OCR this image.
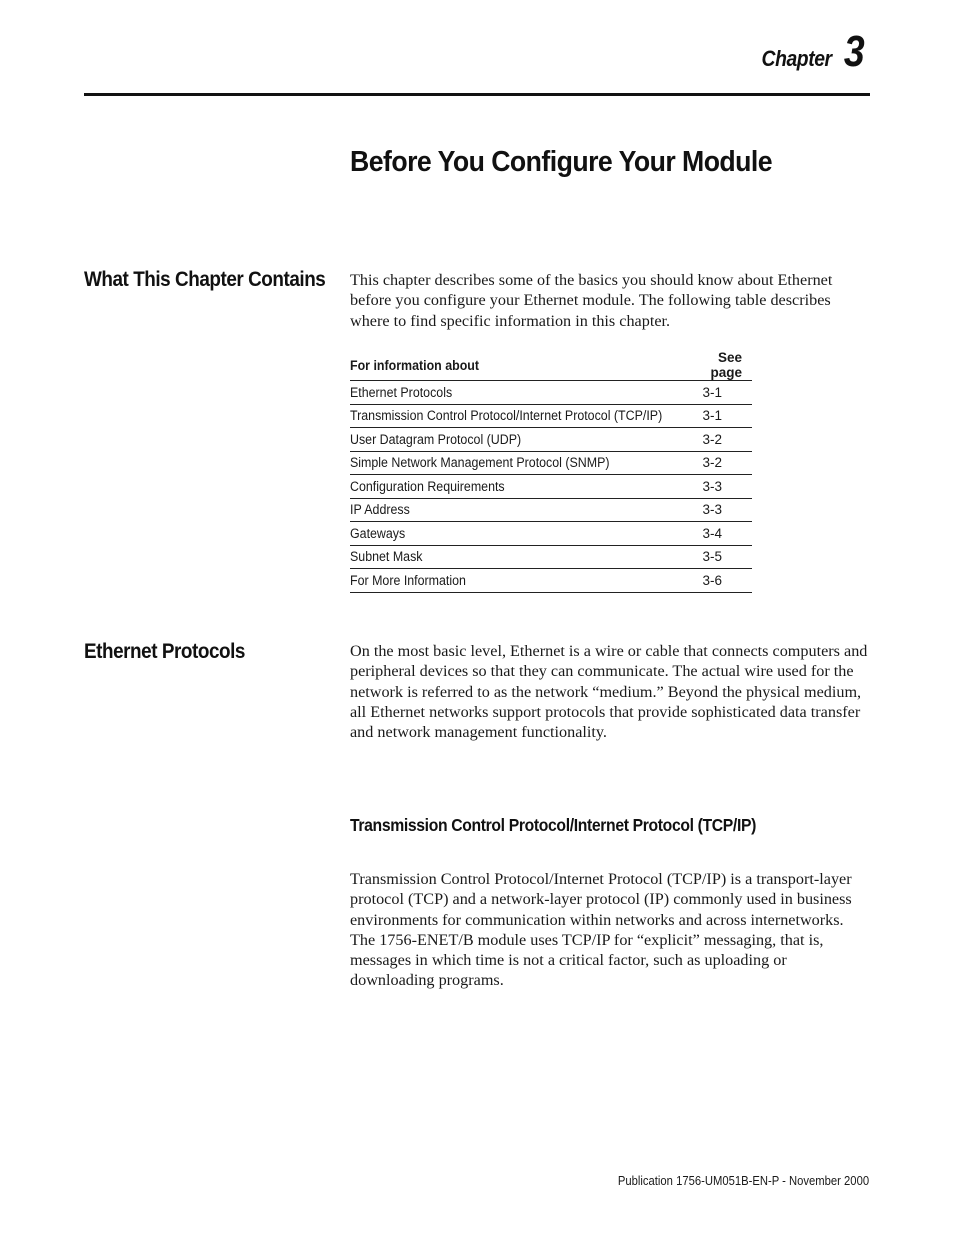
Chapter 3
Before You Configure Your Module
What This Chapter Contains This chapter describes some of the basics you should know about Ethernet before you configure your Ethernet module. The following table describes where to find specific information in this chapter.

For information about	See page
Ethernet Protocols	3-1
Transmission Control Protocol/Internet Protocol (TCP/IP)	3-1
User Datagram Protocol (UDP)	3-2
Simple Network Management Protocol (SNMP)	3-2
Configuration Requirements	3-3
IP Address	3-3
Gateways	3-4
Subnet Mask	3-5
For More Information	3-6
Ethernet Protocols	On the most basic level, Ethernet is a wire or cable that connects computers and peripheral devices so that they can communicate. The actual wire used for the network is referred to as the network “medium.” Beyond the physical medium, all Ethernet networks support protocols that provide sophisticated data transfer and network management functionality.

Transmission Control Protocol/Internet Protocol (TCP/IP)

Transmission Control Protocol/Internet Protocol (TCP/IP) is a transport-layer protocol (TCP) and a network-layer protocol (IP) commonly used in business environments for communication within networks and across internetworks. The 1756-ENET/B module uses TCP/IP for “explicit” messaging, that is, messages in which time is not a critical factor, such as uploading or downloading programs.

Publication 1756-UM051B-EN-P - November 2000
